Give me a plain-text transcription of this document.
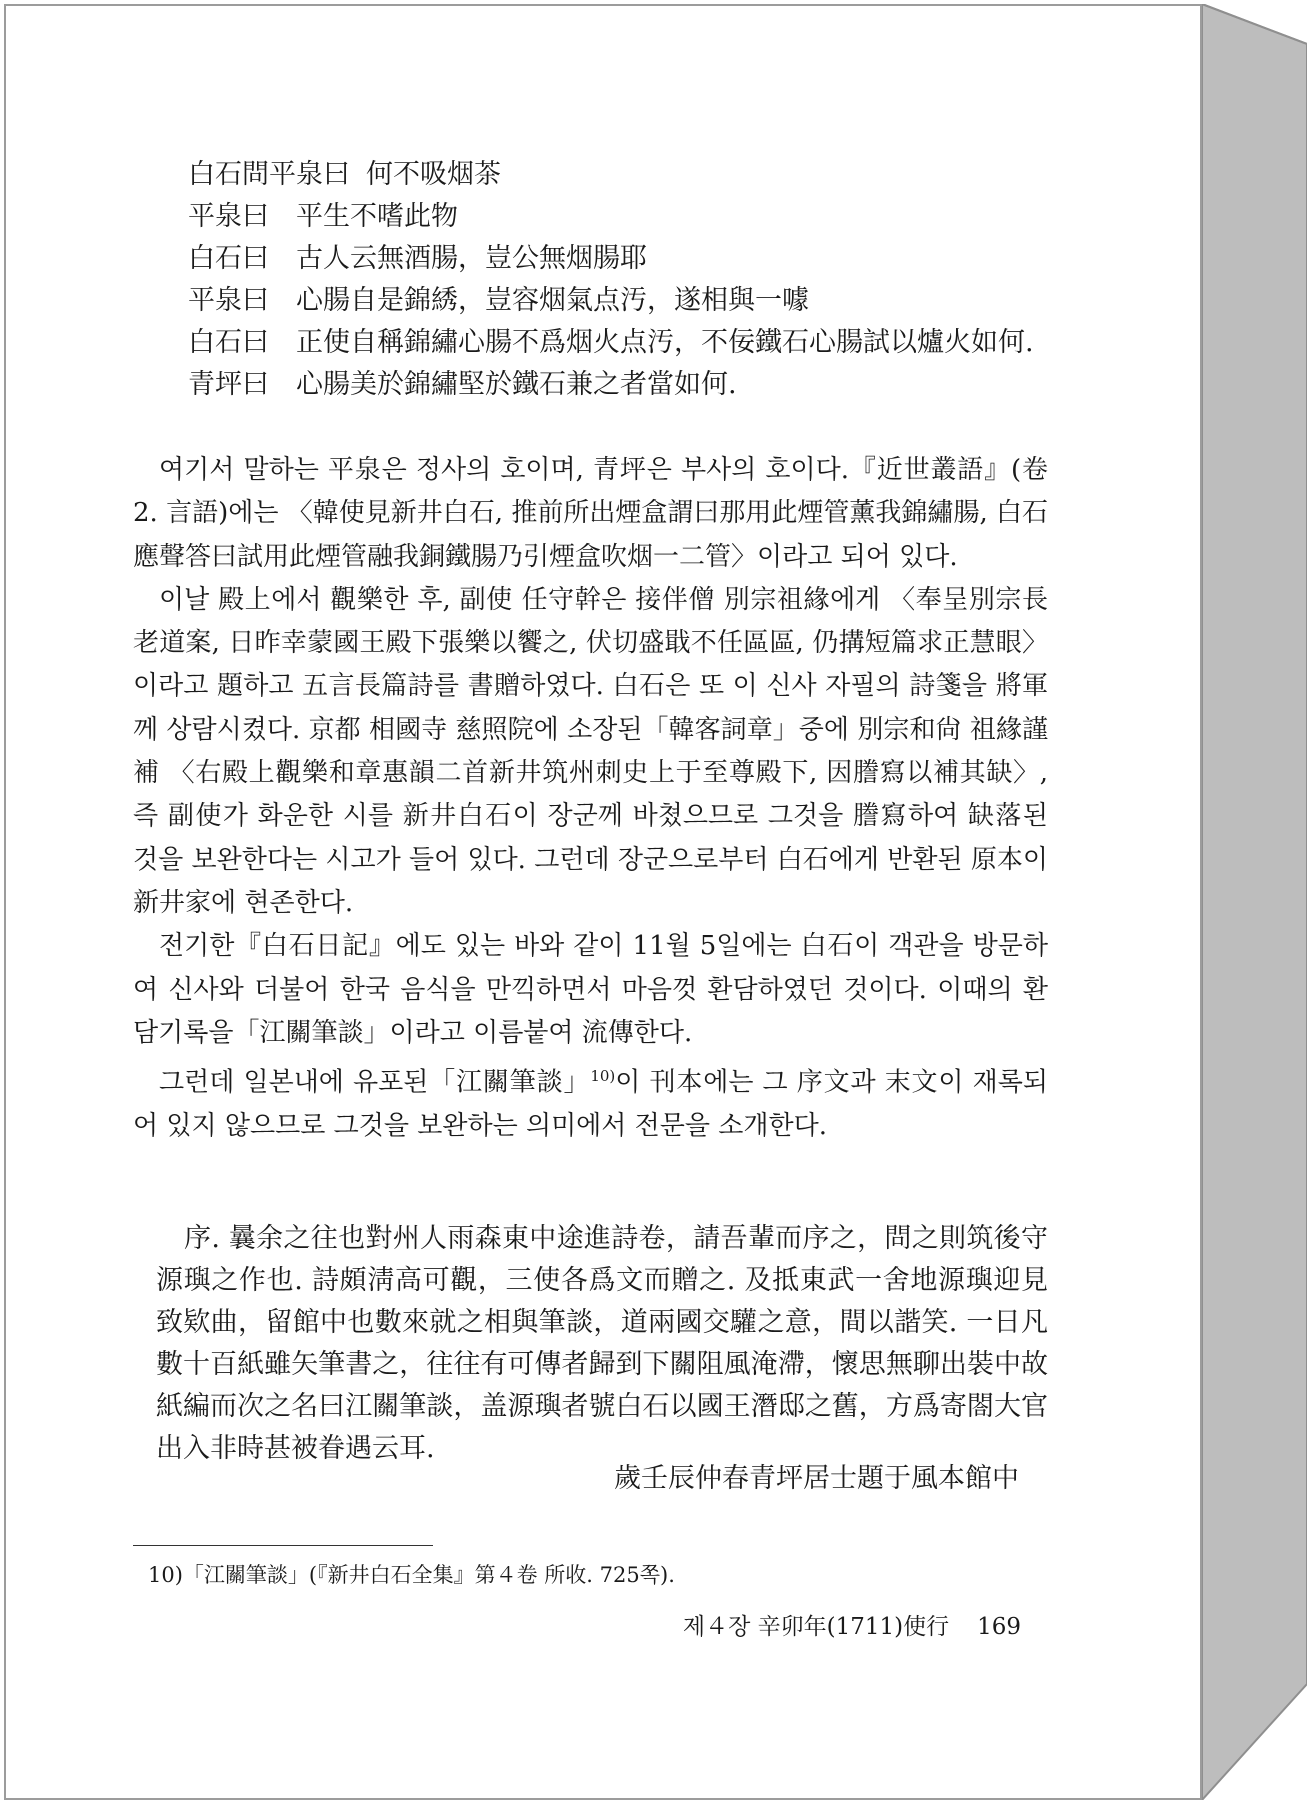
白石問平泉曰 何不吸烟茶
平泉曰 平生不嗜此物
白石曰 古人云無酒腸，豈公無烟腸耶
平泉曰 心腸自是錦綉，豈容烟氣点汚，遂相與一噱
白石曰 正使自稱錦繡心腸不爲烟火点汚，不佞鐵石心腸試以爐火如何.
青坪曰 心腸美於錦繡堅於鐵石兼之者當如何.

여기서 말하는 平泉은 정사의 호이며, 青坪은 부사의 호이다.『近世叢語』(卷 2. 言語)에는 〈韓使見新井白石, 推前所出煙盒謂曰那用此煙管薰我錦繡腸, 白石應聲答曰試用此煙管融我銅鐵腸乃引煙盒吹烟一二管〉이라고 되어 있다.

이날 殿上에서 觀樂한 후, 副使 任守幹은 接伴僧 別宗祖緣에게 〈奉呈別宗長老道案, 日昨幸蒙國王殿下張樂以饗之, 伏切盛戢不任區區, 仍搆短篇求正慧眼〉이라고 題하고 五言長篇詩를 書贈하였다. 白石은 또 이 신사 자필의 詩箋을 將軍께 상람시켰다. 京都 相國寺 慈照院에 소장된「韓客詞章」중에 別宗和尙 祖緣謹補 〈右殿上觀樂和章惠韻二首新井筑州刺史上于至尊殿下, 因謄寫以補其缺〉, 즉 副使가 화운한 시를 新井白石이 장군께 바쳤으므로 그것을 謄寫하여 缺落된 것을 보완한다는 시고가 들어 있다. 그런데 장군으로부터 白石에게 반환된 原本이 新井家에 현존한다.

전기한『白石日記』에도 있는 바와 같이 11월 5일에는 白石이 객관을 방문하여 신사와 더불어 한국 음식을 만끽하면서 마음껏 환담하였던 것이다. 이때의 환담기록을「江關筆談」이라고 이름붙여 流傳한다.

그런데 일본내에 유포된「江關筆談」$^{10)}$이 刊本에는 그 序文과 末文이 재록되어 있지 않으므로 그것을 보완하는 의미에서 전문을 소개한다.

序. 曩余之往也對州人雨森東中途進詩卷，請吾輩而序之，問之則筑後守源璵之作也. 詩頗淸高可觀，三使各爲文而贈之. 及抵東武一舍地源璵迎見致欵曲，留館中也數來就之相與筆談，道兩國交驩之意，間以諧笑. 一日凡數十百紙雖矢筆書之，往往有可傳者歸到下關阻風淹滯，懷思無聊出裝中故紙編而次之名曰江關筆談，盖源璵者號白石以國王潛邸之舊，方爲寄閤大官出入非時甚被眷遇云耳.

歲壬辰仲春青坪居士題于風本館中
10)「江關筆談」(『新井白石全集』第４卷 所收. 725쪽).
제４장 辛卯年(1711)使行 169
